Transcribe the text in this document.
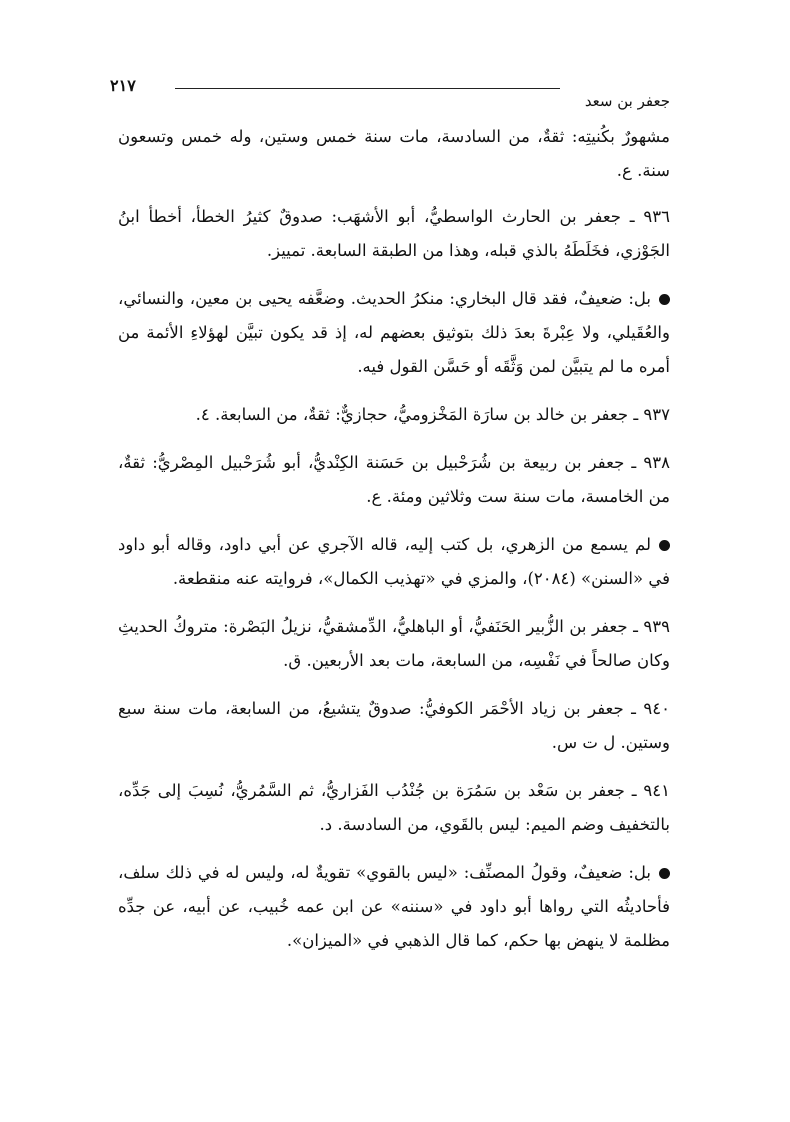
٢١٧
جعفر بن سعد

مشهورٌ بكُنيتِه: ثقةٌ، من السادسة، مات سنة خمس وستين، وله خمس وتسعون سنة. ع.

٩٣٦ ـ جعفر بن الحارث الواسطيُّ، أبو الأشهَب: صدوقٌ كثيرُ الخطأ، أخطأ ابنُ الجَوْزي، فخَلَطَهُ بالذي قبله، وهذا من الطبقة السابعة. تمييز.

بل: ضعيفٌ، فقد قال البخاري: منكرُ الحديث. وضعَّفه يحيى بن معين، والنسائي، والعُقَيلي، ولا عِبْرةَ بعدَ ذلك بتوثيق بعضهم له، إذ قد يكون تبيَّن لهؤلاءِ الأئمة من أمره ما لم يتبيَّن لمن وَثَّقَه أو حَسَّن القول فيه.

٩٣٧ ـ جعفر بن خالد بن سارَة المَخْزوميُّ، حجازيٌّ: ثقةٌ، من السابعة. ٤.

٩٣٨ ـ جعفر بن ربيعة بن شُرَحْبيل بن حَسَنة الكِنْديُّ، أبو شُرَحْبيل المِصْريُّ: ثقةٌ، من الخامسة، مات سنة ست وثلاثين ومئة. ع.

لم يسمع من الزهري، بل كتب إليه، قاله الآجري عن أبي داود، وقاله أبو داود في «السنن» (٢٠٨٤)، والمزي في «تهذيب الكمال»، فروايته عنه منقطعة.

٩٣٩ ـ جعفر بن الزُّبير الحَنَفيُّ، أو الباهليُّ، الدِّمشقيُّ، نزيلُ البَصْرة: متروكُ الحديثِ وكان صالحاً في نَفْسِه، من السابعة، مات بعد الأربعين. ق.

٩٤٠ ـ جعفر بن زياد الأحْمَر الكوفيُّ: صدوقٌ يتشيعُ، من السابعة، مات سنة سبع وستين. ل ت س.

٩٤١ ـ جعفر بن سَعْد بن سَمُرَة بن جُنْدُب الفَزاريُّ، ثم السَّمُريُّ، نُسِبَ إلى جَدِّه، بالتخفيف وضم الميم: ليس بالقَوي، من السادسة. د.

بل: ضعيفٌ، وقولُ المصنِّف: «ليس بالقوي» تقويةٌ له، وليس له في ذلك سلف، فأحاديثُه التي رواها أبو داود في «سننه» عن ابن عمه خُبيب، عن أبيه، عن جدِّه مظلمة لا ينهض بها حكم، كما قال الذهبي في «الميزان».
